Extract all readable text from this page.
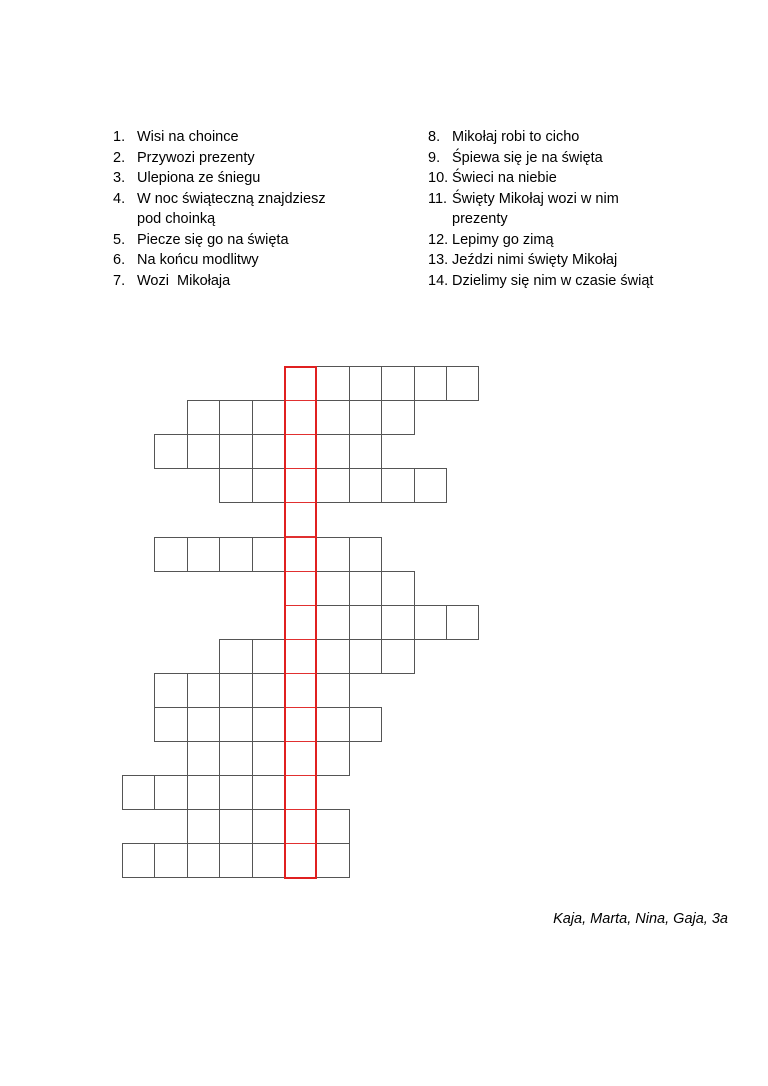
1. Wisi na choince
2. Przywozi prezenty
3. Ulepiona ze śniegu
4. W noc świąteczną znajdziesz
pod choinką
5. Piecze się go na święta
6. Na końcu modlitwy
7. Wozi  Mikołaja
8. Mikołaj robi to cicho
9. Śpiewa się je na święta
10. Świeci na niebie
11. Święty Mikołaj wozi w nim
prezenty
12. Lepimy go zimą
13. Jeździ nimi święty Mikołaj
14. Dzielimy się nim w czasie świąt
Kaja, Marta, Nina, Gaja, 3a
